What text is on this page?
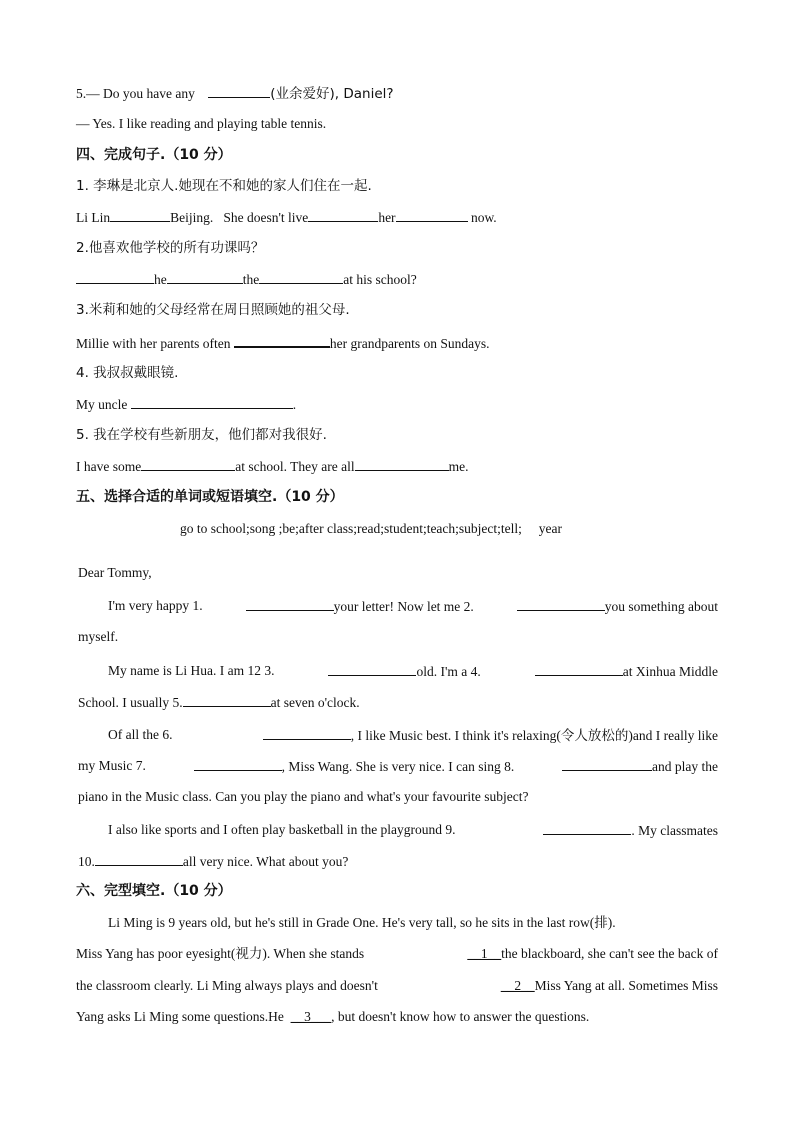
5.— Do you have any	(业余爱好), Daniel?
— Yes. I like reading and playing table tennis.
四、完成句子.（10 分）
1. 李琳是北京人.她现在不和她的家人们住在一起.
Li Lin	Beijing. She doesn't live	her	now.
2.他喜欢他学校的所有功课吗？
he	the	at his school?
3.米莉和她的父母经常在周日照顾她的祖父母.
Millie with her parents often	her grandparents on Sundays.
4. 我叔叔戴眼镜.
My uncle	.
5. 我在学校有些新朋友，他们都对我很好.
I have some	at school. They are all	me.
五、选择合适的单词或短语填空.（10 分）
go to school;song ;be;after class;read;student;teach;subject;tell;     year
Dear Tommy,
I'm very happy 1.	your letter! Now let me 2.	you something about
myself.
My name is Li Hua. I am 12 3.	old. I'm a 4.	at Xinhua Middle
School. I usually 5.	at seven o'clock.
Of all the 6.	, I like Music best. I think it's relaxing(令人放松的)and I really like
my Music 7.	, Miss Wang. She is very nice. I can sing 8.	and play the
piano in the Music class. Can you play the piano and what's your favourite subject?
I also like sports and I often play basketball in the playground 9.	. My classmates
10.	all very nice. What about you?
六、完型填空.（10 分）
Li Ming is 9 years old, but he's still in Grade One. He's very tall, so he sits in the last row(排).
Miss Yang has poor eyesight(视力). When she stands	__1__the blackboard, she can't see the back of
the classroom clearly. Li Ming always plays and doesn't	__2__Miss Yang at all. Sometimes Miss
Yang asks Li Ming some questions.He __3___, but doesn't know how to answer the questions.
